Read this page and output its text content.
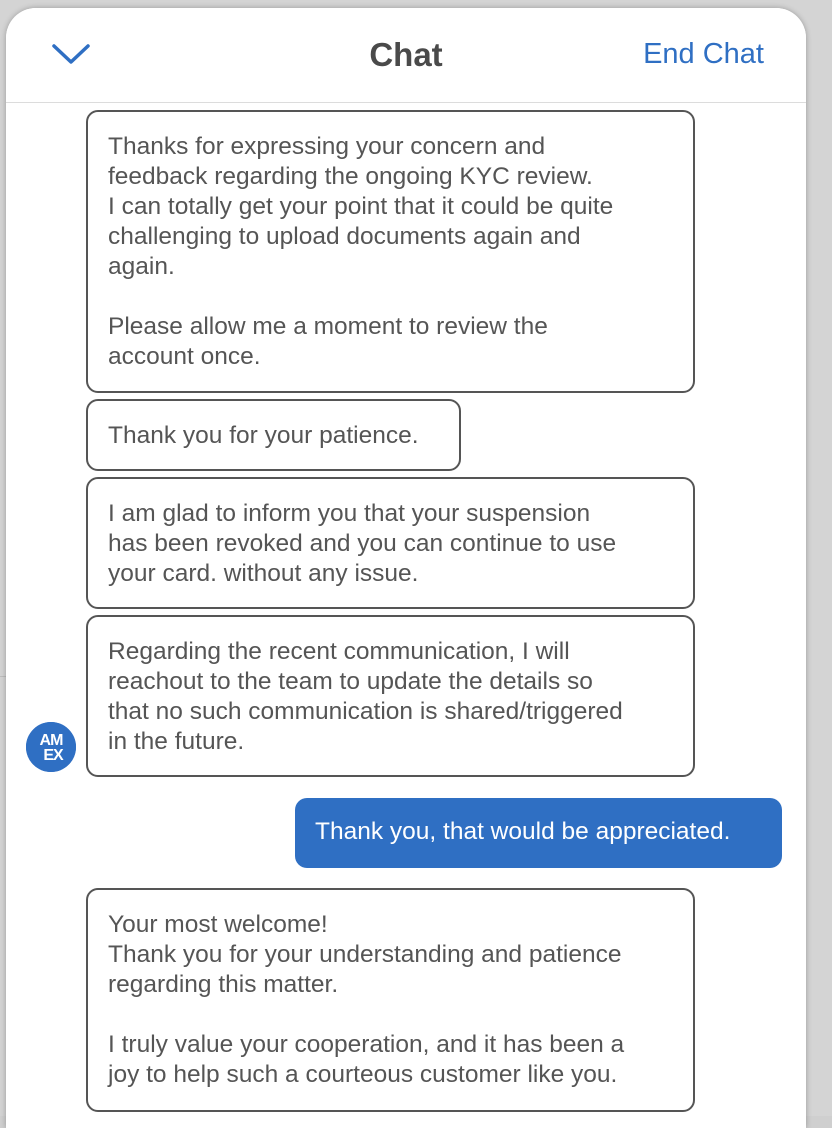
Chat	End Chat
Thanks for expressing your concern and
feedback regarding the ongoing KYC review.
I can totally get your point that it could be quite
challenging to upload documents again and
again.

Please allow me a moment to review the
account once.
Thank you for your patience.
I am glad to inform you that your suspension
has been revoked and you can continue to use
your card. without any issue.
Regarding the recent communication, I will
reachout to the team to update the details so
that no such communication is shared/triggered
in the future.
Thank you, that would be appreciated.
Your most welcome!
Thank you for your understanding and patience
regarding this matter.

I truly value your cooperation, and it has been a
joy to help such a courteous customer like you.
AM
EX
